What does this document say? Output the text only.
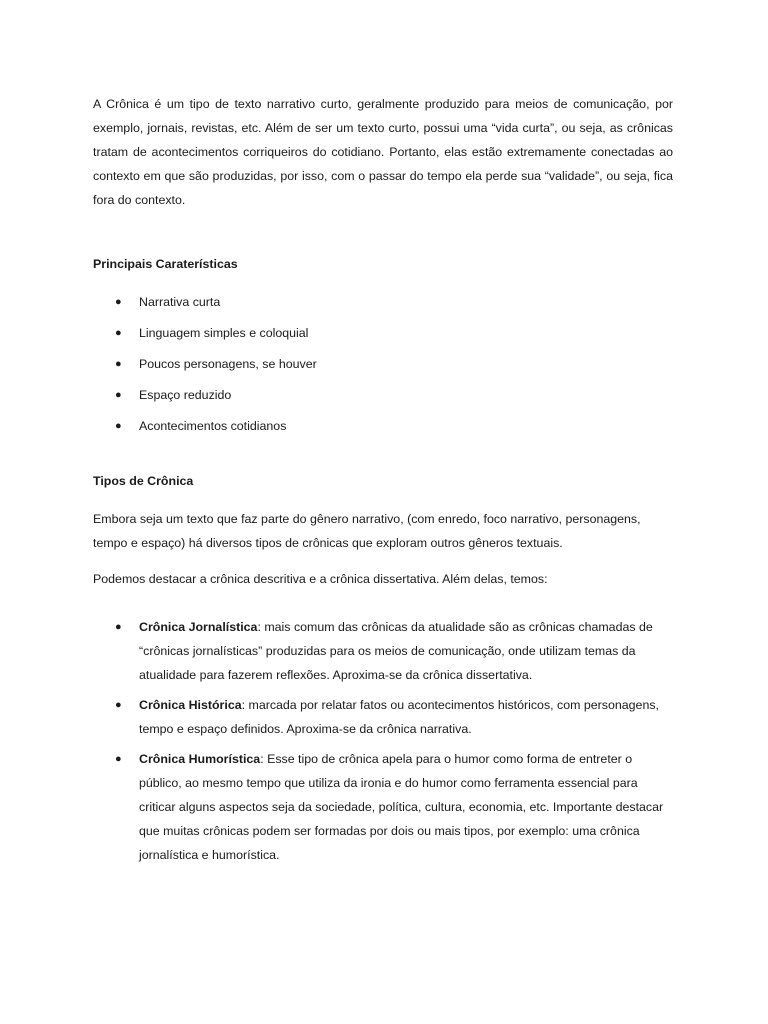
A Crônica é um tipo de texto narrativo curto, geralmente produzido para meios de comunicação, por exemplo, jornais, revistas, etc. Além de ser um texto curto, possui uma “vida curta”, ou seja, as crônicas tratam de acontecimentos corriqueiros do cotidiano. Portanto, elas estão extremamente conectadas ao contexto em que são produzidas, por isso, com o passar do tempo ela perde sua “validade”, ou seja, fica fora do contexto.

Principais Caraterísticas

● Narrativa curta
● Linguagem simples e coloquial
● Poucos personagens, se houver
● Espaço reduzido
● Acontecimentos cotidianos

Tipos de Crônica

Embora seja um texto que faz parte do gênero narrativo, (com enredo, foco narrativo, personagens, tempo e espaço) há diversos tipos de crônicas que exploram outros gêneros textuais.

Podemos destacar a crônica descritiva e a crônica dissertativa. Além delas, temos:

● Crônica Jornalística: mais comum das crônicas da atualidade são as crônicas chamadas de “crônicas jornalísticas” produzidas para os meios de comunicação, onde utilizam temas da atualidade para fazerem reflexões. Aproxima-se da crônica dissertativa.
● Crônica Histórica: marcada por relatar fatos ou acontecimentos históricos, com personagens, tempo e espaço definidos. Aproxima-se da crônica narrativa.
● Crônica Humorística: Esse tipo de crônica apela para o humor como forma de entreter o público, ao mesmo tempo que utiliza da ironia e do humor como ferramenta essencial para criticar alguns aspectos seja da sociedade, política, cultura, economia, etc. Importante destacar que muitas crônicas podem ser formadas por dois ou mais tipos, por exemplo: uma crônica jornalística e humorística.
